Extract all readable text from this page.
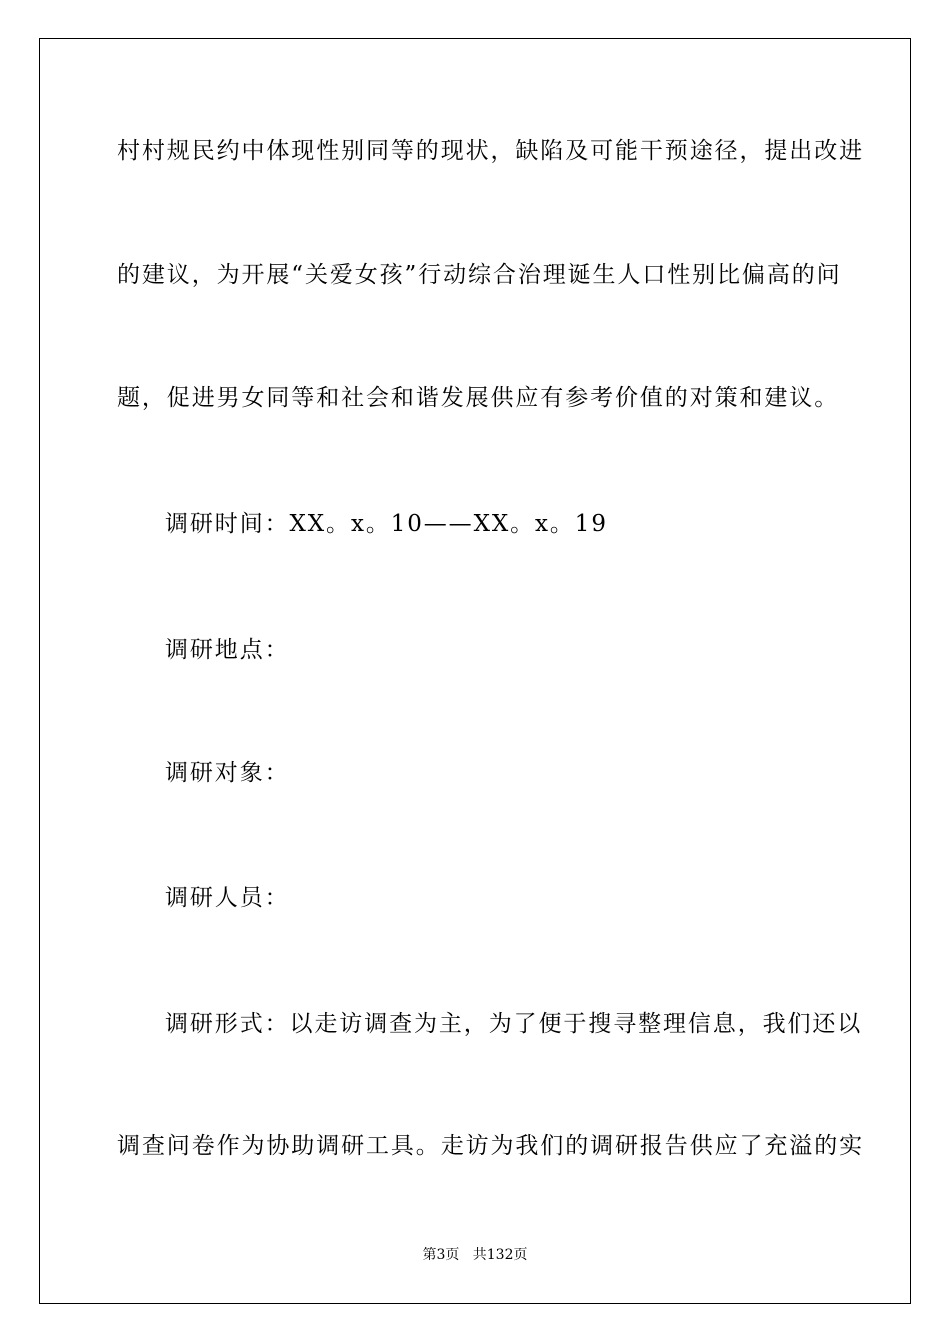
村村规民约中体现性别同等的现状，缺陷及可能干预途径，提出改进
的建议，为开展“关爱女孩”行动综合治理诞生人口性别比偏高的问
题，促进男女同等和社会和谐发展供应有参考价值的对策和建议。
调研时间：XX。x。10——XX。x。19
调研地点：
调研对象：
调研人员：
调研形式：以走访调查为主，为了便于搜寻整理信息，我们还以
调查问卷作为协助调研工具。走访为我们的调研报告供应了充溢的实
第3页   共132页
